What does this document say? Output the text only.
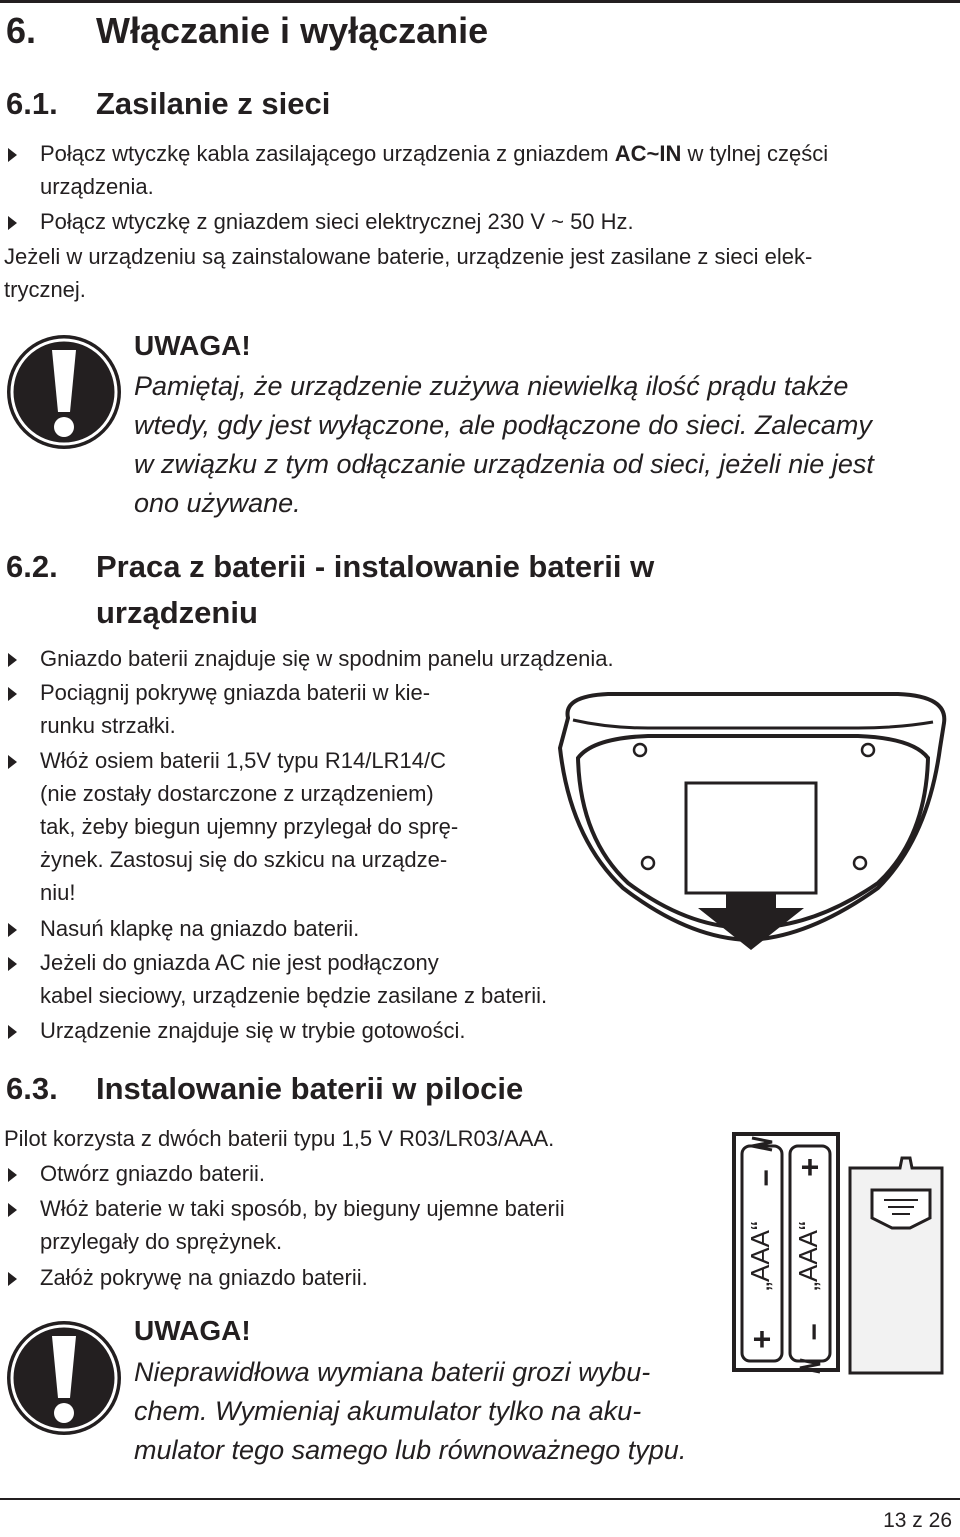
6. Włączanie i wyłączanie
6.1. Zasilanie z sieci
Połącz wtyczkę kabla zasilającego urządzenia z gniazdem AC~IN w tylnej części
urządzenia.
Połącz wtyczkę z gniazdem sieci elektrycznej 230 V ~ 50 Hz.
Jeżeli w urządzeniu są zainstalowane baterie, urządzenie jest zasilane z sieci elek-
trycznej.
UWAGA!
Pamiętaj, że urządzenie zużywa niewielką ilość prądu także
wtedy, gdy jest wyłączone, ale podłączone do sieci. Zalecamy
w związku z tym odłączanie urządzenia od sieci, jeżeli nie jest
ono używane.
6.2. Praca z baterii - instalowanie baterii w
urządzeniu
Gniazdo baterii znajduje się w spodnim panelu urządzenia.
Pociągnij pokrywę gniazda baterii w kie-
runku strzałki.
Włóż osiem baterii 1,5V typu R14/LR14/C
(nie zostały dostarczone z urządzeniem)
tak, żeby biegun ujemny przylegał do sprę-
żynek. Zastosuj się do szkicu na urządze-
niu!
Nasuń klapkę na gniazdo baterii.
Jeżeli do gniazda AC nie jest podłączony
kabel sieciowy, urządzenie będzie zasilane z baterii.
Urządzenie znajduje się w trybie gotowości.
6.3. Instalowanie baterii w pilocie
Pilot korzysta z dwóch baterii typu 1,5 V R03/LR03/AAA.
Otwórz gniazdo baterii.
Włóż baterie w taki sposób, by bieguny ujemne baterii
przylegały do sprężynek.
Załóż pokrywę na gniazdo baterii.
−
„AAA“
+
+
„AAA“
−
UWAGA!
Nieprawidłowa wymiana baterii grozi wybu-
chem. Wymieniaj akumulator tylko na aku-
mulator tego samego lub równoważnego typu.
13 z 26
